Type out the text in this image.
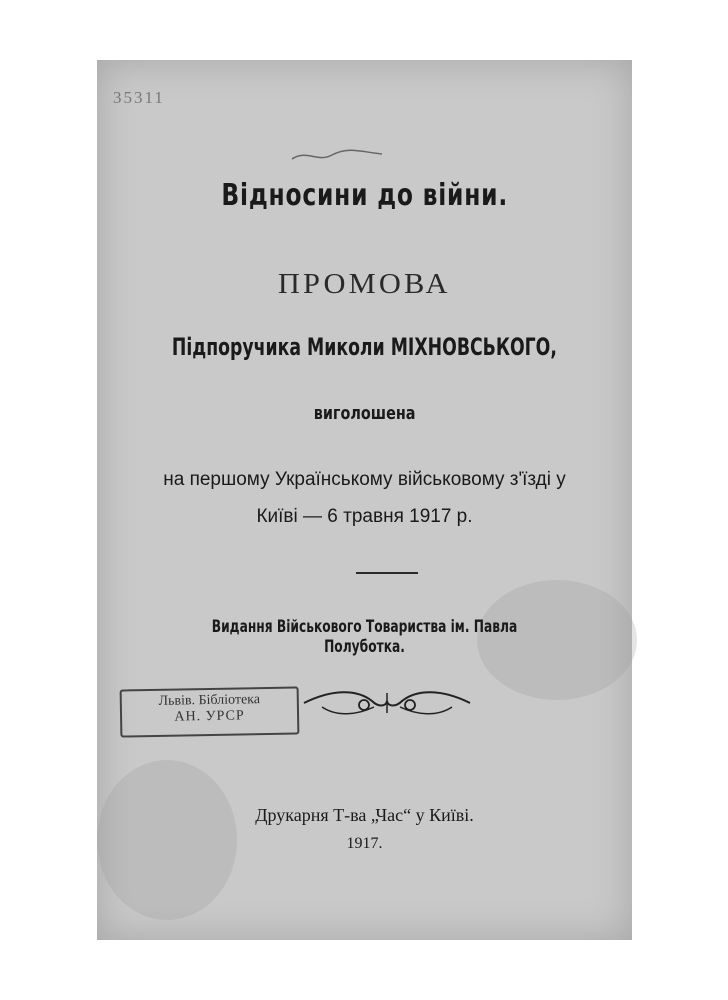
35311
Відносини до війни.
ПРОМОВА
Підпоручика Миколи МІХНОВСЬКОГО,
виголошена
на першому Українському військовому з'їзді у
Київі — 6 травня 1917 р.
Видання Військового Товариства ім. Павла Полуботка.
Львів. Бібліотека
АН. УРСР
Друкарня Т-ва „Час“ у Київі.
1917.
